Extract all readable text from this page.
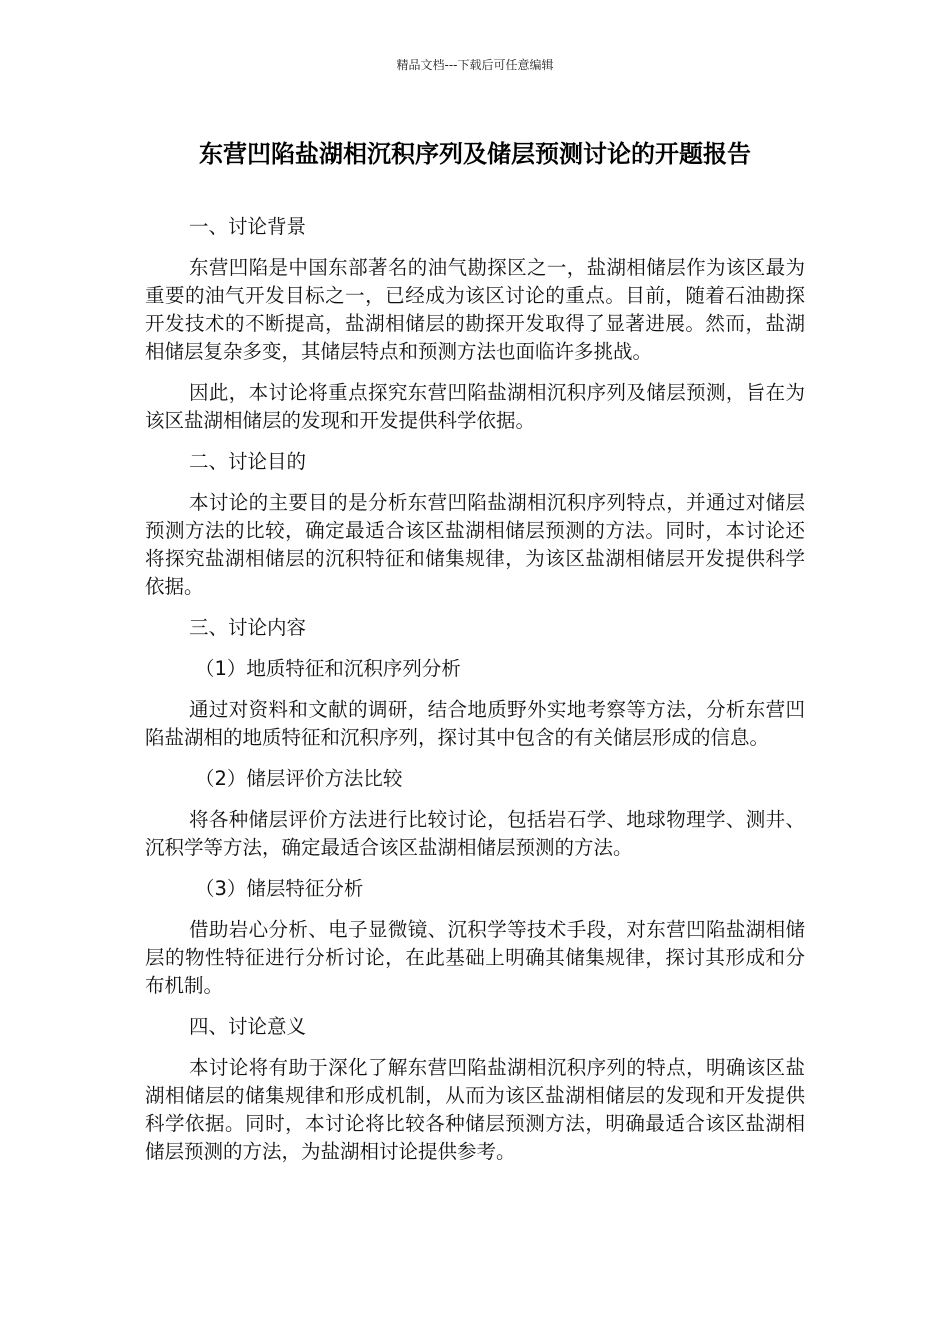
精品文档---下载后可任意编辑
东营凹陷盐湖相沉积序列及储层预测讨论的开题报告
一、讨论背景
东营凹陷是中国东部著名的油气勘探区之一，盐湖相储层作为该区最为重要的油气开发目标之一，已经成为该区讨论的重点。目前，随着石油勘探开发技术的不断提高，盐湖相储层的勘探开发取得了显著进展。然而，盐湖相储层复杂多变，其储层特点和预测方法也面临许多挑战。
因此，本讨论将重点探究东营凹陷盐湖相沉积序列及储层预测，旨在为该区盐湖相储层的发现和开发提供科学依据。
二、讨论目的
本讨论的主要目的是分析东营凹陷盐湖相沉积序列特点，并通过对储层预测方法的比较，确定最适合该区盐湖相储层预测的方法。同时，本讨论还将探究盐湖相储层的沉积特征和储集规律，为该区盐湖相储层开发提供科学依据。
三、讨论内容
（1）地质特征和沉积序列分析
通过对资料和文献的调研，结合地质野外实地考察等方法，分析东营凹陷盐湖相的地质特征和沉积序列，探讨其中包含的有关储层形成的信息。
（2）储层评价方法比较
将各种储层评价方法进行比较讨论，包括岩石学、地球物理学、测井、沉积学等方法，确定最适合该区盐湖相储层预测的方法。
（3）储层特征分析
借助岩心分析、电子显微镜、沉积学等技术手段，对东营凹陷盐湖相储层的物性特征进行分析讨论，在此基础上明确其储集规律，探讨其形成和分布机制。
四、讨论意义
本讨论将有助于深化了解东营凹陷盐湖相沉积序列的特点，明确该区盐湖相储层的储集规律和形成机制，从而为该区盐湖相储层的发现和开发提供科学依据。同时，本讨论将比较各种储层预测方法，明确最适合该区盐湖相储层预测的方法，为盐湖相讨论提供参考。
